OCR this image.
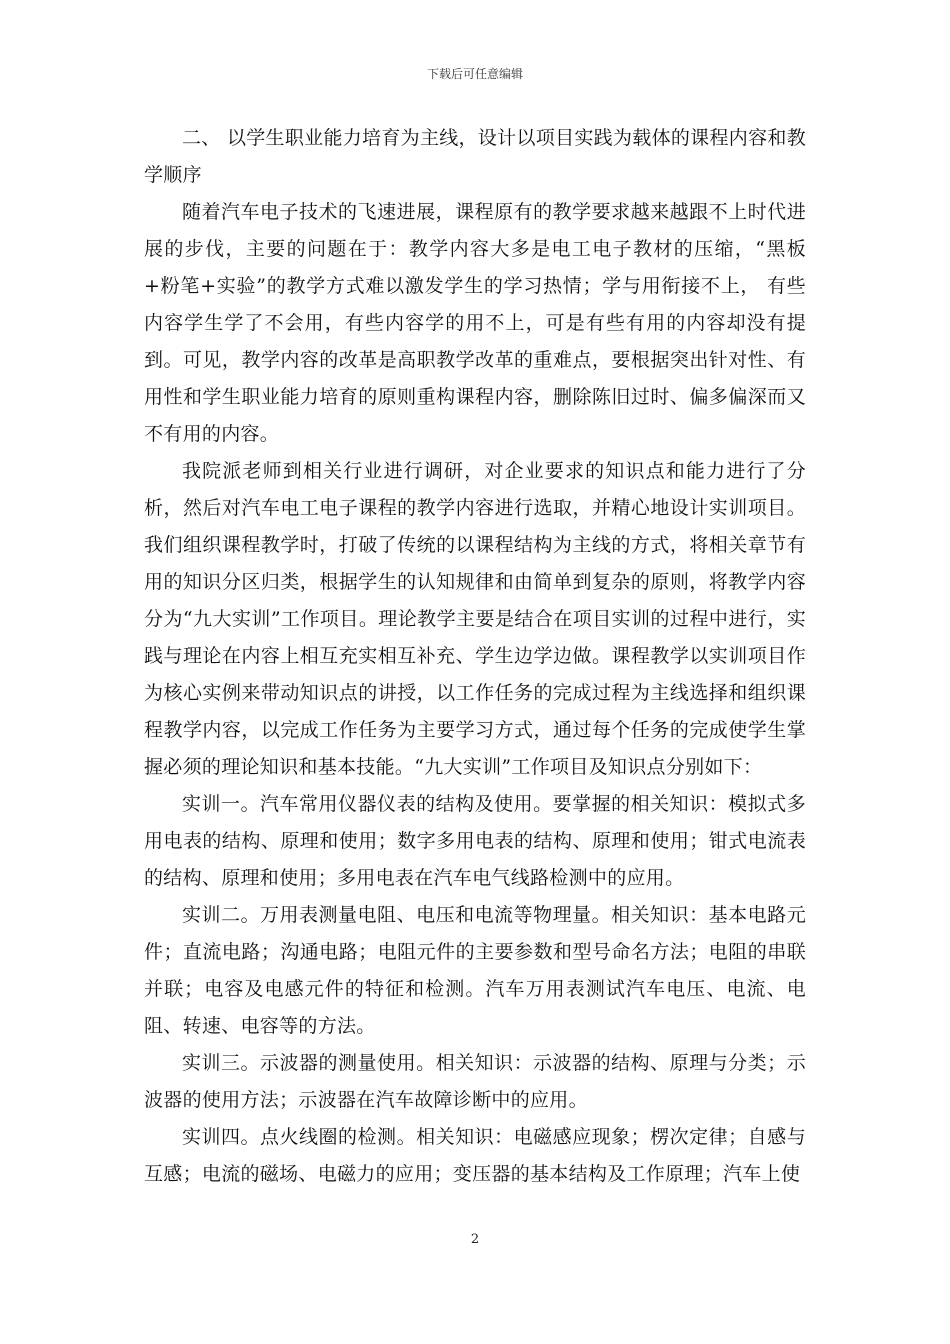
下载后可任意编辑

二、 以学生职业能力培育为主线，设计以项目实践为载体的课程内容和教学顺序

随着汽车电子技术的飞速进展，课程原有的教学要求越来越跟不上时代进展的步伐，主要的问题在于：教学内容大多是电工电子教材的压缩，“黑板+粉笔+实验”的教学方式难以激发学生的学习热情；学与用衔接不上， 有些内容学生学了不会用，有些内容学的用不上，可是有些有用的内容却没有提到。可见，教学内容的改革是高职教学改革的重难点，要根据突出针对性、有用性和学生职业能力培育的原则重构课程内容，删除陈旧过时、偏多偏深而又不有用的内容。

我院派老师到相关行业进行调研，对企业要求的知识点和能力进行了分析，然后对汽车电工电子课程的教学内容进行选取，并精心地设计实训项目。我们组织课程教学时，打破了传统的以课程结构为主线的方式，将相关章节有用的知识分区归类，根据学生的认知规律和由简单到复杂的原则，将教学内容分为“九大实训”工作项目。理论教学主要是结合在项目实训的过程中进行，实践与理论在内容上相互充实相互补充、学生边学边做。课程教学以实训项目作为核心实例来带动知识点的讲授，以工作任务的完成过程为主线选择和组织课程教学内容，以完成工作任务为主要学习方式，通过每个任务的完成使学生掌握必须的理论知识和基本技能。“九大实训”工作项目及知识点分别如下：

实训一。汽车常用仪器仪表的结构及使用。要掌握的相关知识：模拟式多用电表的结构、原理和使用；数字多用电表的结构、原理和使用；钳式电流表的结构、原理和使用；多用电表在汽车电气线路检测中的应用。

实训二。万用表测量电阻、电压和电流等物理量。相关知识：基本电路元件；直流电路；沟通电路；电阻元件的主要参数和型号命名方法；电阻的串联并联；电容及电感元件的特征和检测。汽车万用表测试汽车电压、电流、电阻、转速、电容等的方法。

实训三。示波器的测量使用。相关知识：示波器的结构、原理与分类；示波器的使用方法；示波器在汽车故障诊断中的应用。

实训四。点火线圈的检测。相关知识：电磁感应现象；楞次定律；自感与互感；电流的磁场、电磁力的应用；变压器的基本结构及工作原理；汽车上使

2
